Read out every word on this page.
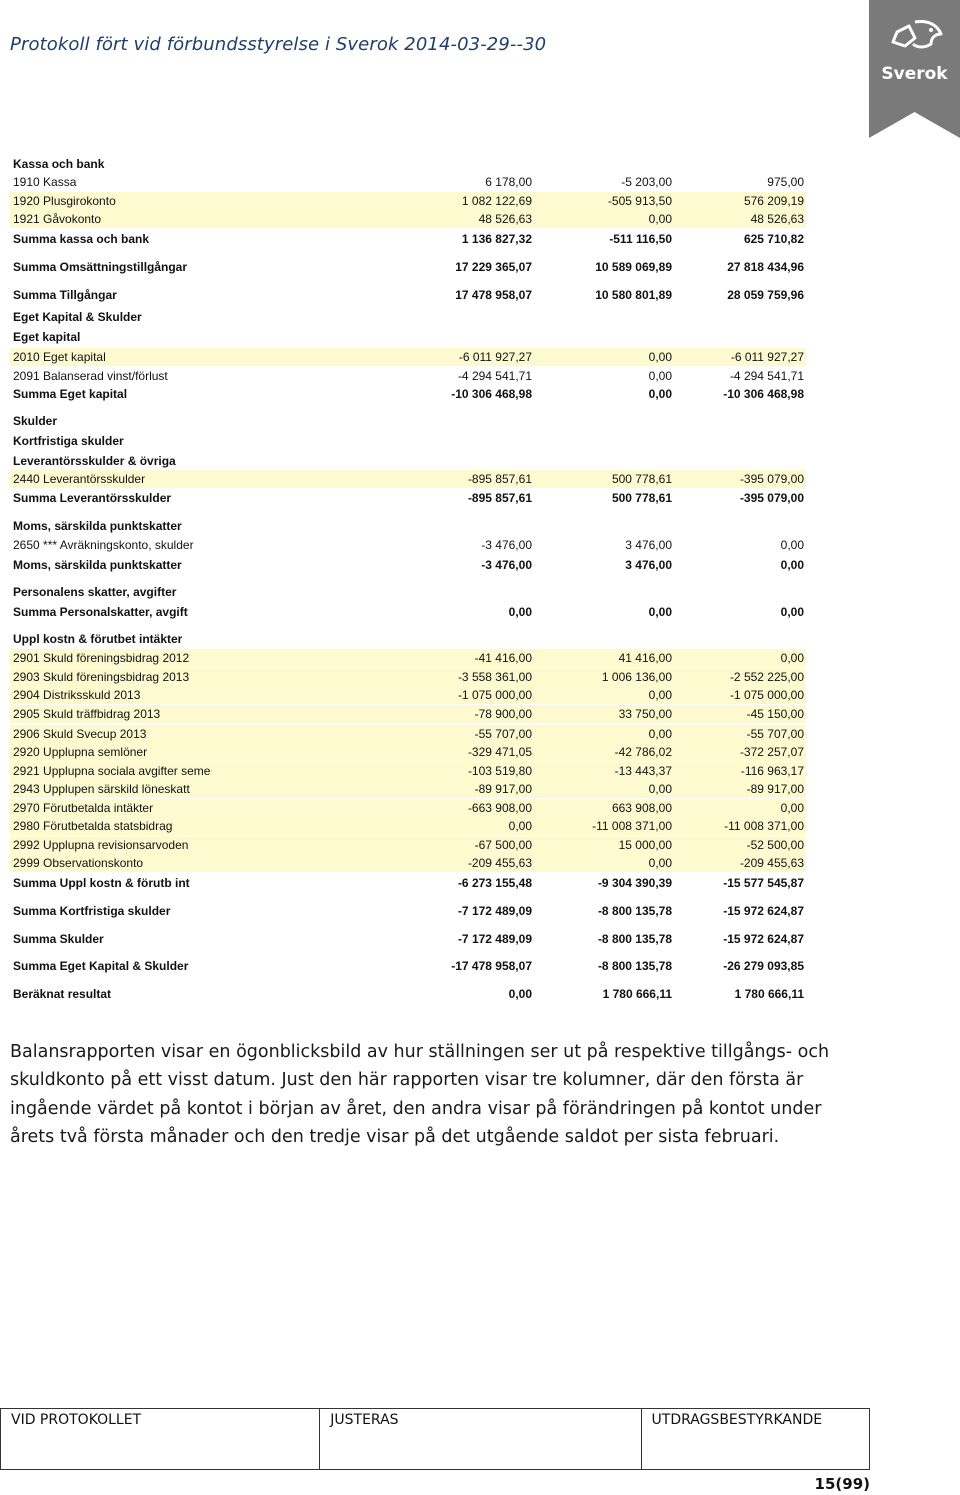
Protokoll fört vid förbundsstyrelse i Sverok 2014-03-29--30
Sverok
Kassa och bank
1910 Kassa	6 178,00	-5 203,00	975,00
1920 Plusgirokonto	1 082 122,69	-505 913,50	576 209,19
1921 Gåvokonto	48 526,63	0,00	48 526,63
Summa kassa och bank	1 136 827,32	-511 116,50	625 710,82
Summa Omsättningstillgångar	17 229 365,07	10 589 069,89	27 818 434,96
Summa Tillgångar	17 478 958,07	10 580 801,89	28 059 759,96
Eget Kapital & Skulder
Eget kapital
2010 Eget kapital	-6 011 927,27	0,00	-6 011 927,27
2091 Balanserad vinst/förlust	-4 294 541,71	0,00	-4 294 541,71
Summa Eget kapital	-10 306 468,98	0,00	-10 306 468,98
Skulder
Kortfristiga skulder
Leverantörsskulder & övriga
2440 Leverantörsskulder	-895 857,61	500 778,61	-395 079,00
Summa Leverantörsskulder	-895 857,61	500 778,61	-395 079,00
Moms, särskilda punktskatter
2650 *** Avräkningskonto, skulder	-3 476,00	3 476,00	0,00
Moms, särskilda punktskatter	-3 476,00	3 476,00	0,00
Personalens skatter, avgifter
Summa Personalskatter, avgift	0,00	0,00	0,00
Uppl kostn & förutbet intäkter
2901 Skuld föreningsbidrag 2012	-41 416,00	41 416,00	0,00
2903 Skuld föreningsbidrag 2013	-3 558 361,00	1 006 136,00	-2 552 225,00
2904 Distriksskuld 2013	-1 075 000,00	0,00	-1 075 000,00
2905 Skuld träffbidrag 2013	-78 900,00	33 750,00	-45 150,00
2906 Skuld Svecup 2013	-55 707,00	0,00	-55 707,00
2920 Upplupna semlöner	-329 471,05	-42 786,02	-372 257,07
2921 Upplupna sociala avgifter seme	-103 519,80	-13 443,37	-116 963,17
2943 Upplupen särskild löneskatt	-89 917,00	0,00	-89 917,00
2970 Förutbetalda intäkter	-663 908,00	663 908,00	0,00
2980 Förutbetalda statsbidrag	0,00	-11 008 371,00	-11 008 371,00
2992 Upplupna revisionsarvoden	-67 500,00	15 000,00	-52 500,00
2999 Observationskonto	-209 455,63	0,00	-209 455,63
Summa Uppl kostn & förutb int	-6 273 155,48	-9 304 390,39	-15 577 545,87
Summa Kortfristiga skulder	-7 172 489,09	-8 800 135,78	-15 972 624,87
Summa Skulder	-7 172 489,09	-8 800 135,78	-15 972 624,87
Summa Eget Kapital & Skulder	-17 478 958,07	-8 800 135,78	-26 279 093,85
Beräknat resultat	0,00	1 780 666,11	1 780 666,11
Balansrapporten visar en ögonblicksbild av hur ställningen ser ut på respektive tillgångs- och skuldkonto på ett visst datum. Just den här rapporten visar tre kolumner, där den första är ingående värdet på kontot i början av året, den andra visar på förändringen på kontot under årets två första månader och den tredje visar på det utgående saldot per sista februari.
VID PROTOKOLLET	JUSTERAS	UTDRAGSBESTYRKANDE
15(99)
